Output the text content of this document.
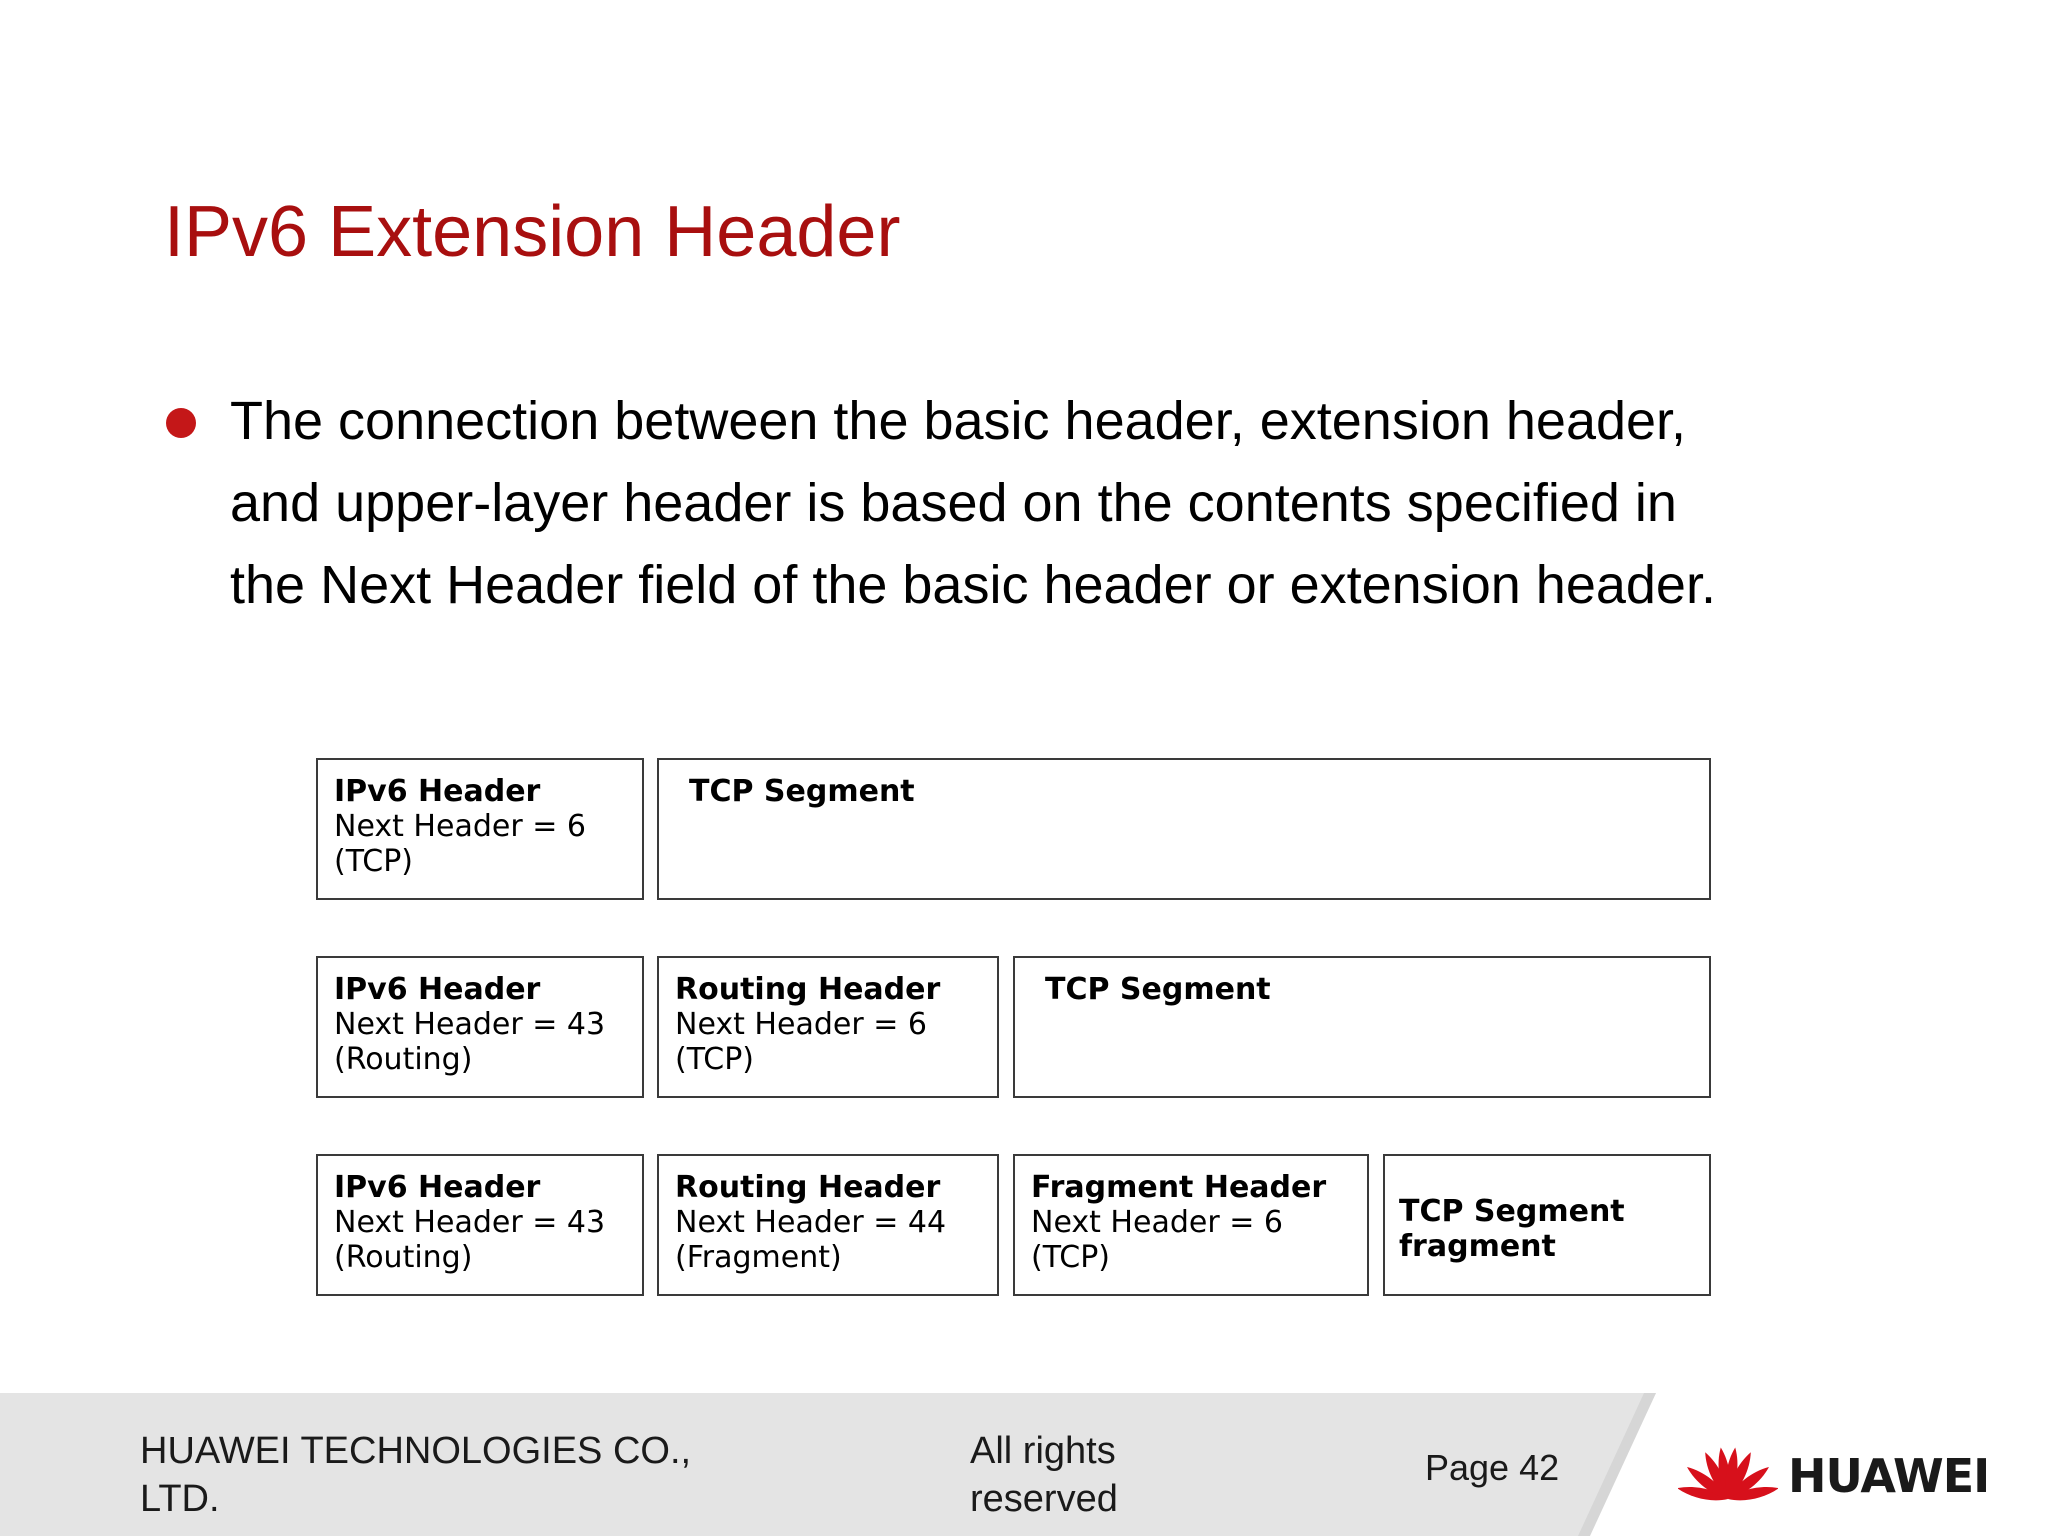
IPv6 Extension Header
The connection between the basic header, extension header, and upper-layer header is based on the contents specified in the Next Header field of the basic header or extension header.
IPv6 Header
Next Header = 6
(TCP)
TCP Segment
IPv6 Header
Next Header = 43
(Routing)
Routing Header
Next Header = 6
(TCP)
TCP Segment
IPv6 Header
Next Header = 43
(Routing)
Routing Header
Next Header = 44
(Fragment)
Fragment Header
Next Header = 6
(TCP)
TCP Segment fragment
HUAWEI TECHNOLOGIES CO., LTD.
All rights reserved
Page 42	HUAWEI
